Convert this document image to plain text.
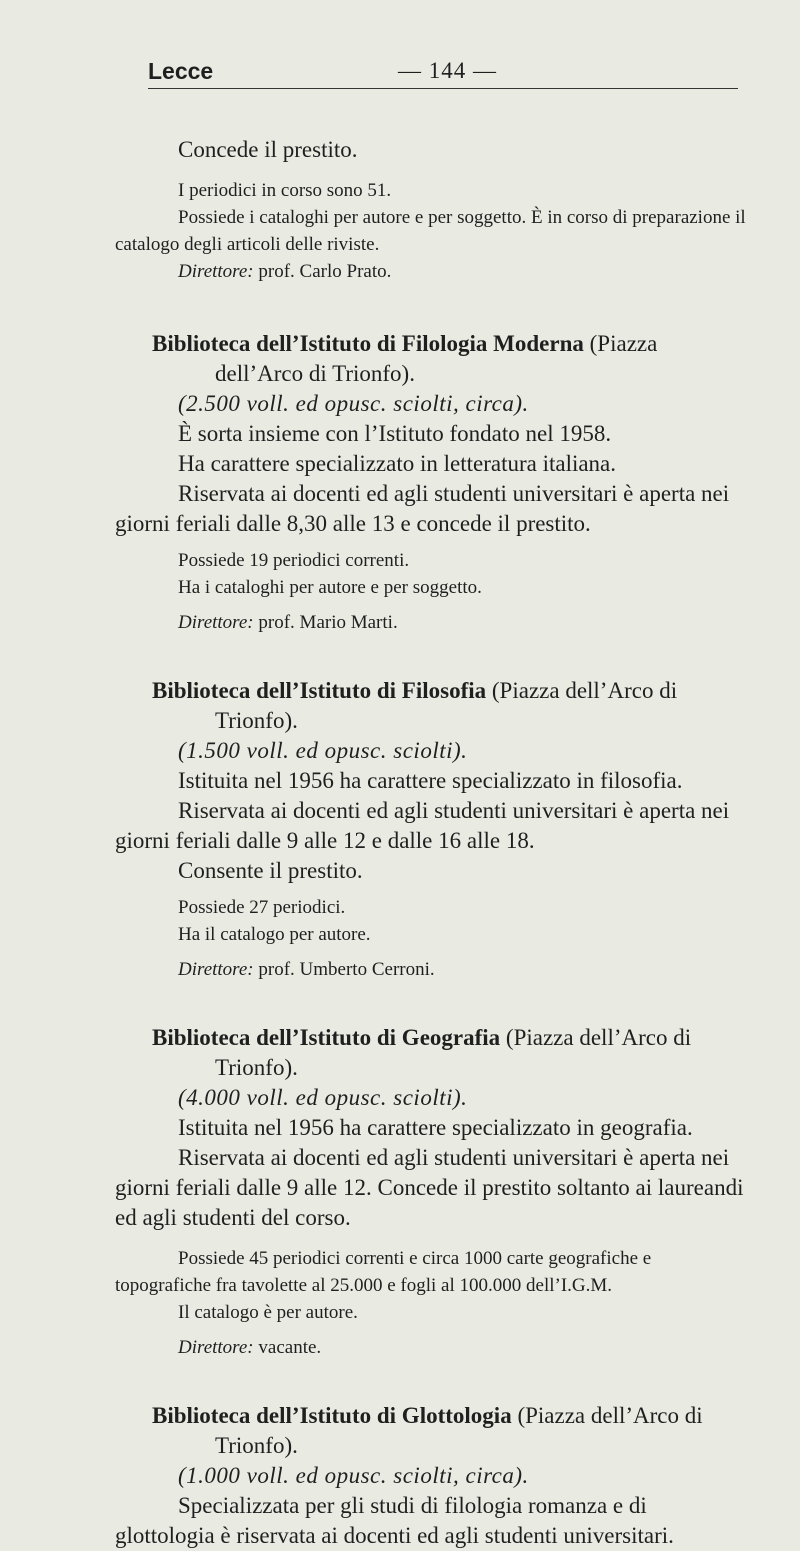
Lecce	— 144 —

Concede il prestito.

I periodici in corso sono 51.

Possiede i cataloghi per autore e per soggetto. È in corso di preparazione il catalogo degli articoli delle riviste.

Direttore: prof. Carlo Prato.

Biblioteca dell’Istituto di Filologia Moderna (Piazza dell’Arco di Trionfo).

(2.500 voll. ed opusc. sciolti, circa).

È sorta insieme con l’Istituto fondato nel 1958.

Ha carattere specializzato in letteratura italiana.

Riservata ai docenti ed agli studenti universitari è aperta nei giorni feriali dalle 8,30 alle 13 e concede il prestito.

Possiede 19 periodici correnti.

Ha i cataloghi per autore e per soggetto.

Direttore: prof. Mario Marti.

Biblioteca dell’Istituto di Filosofia (Piazza dell’Arco di Trionfo).

(1.500 voll. ed opusc. sciolti).

Istituita nel 1956 ha carattere specializzato in filosofia.

Riservata ai docenti ed agli studenti universitari è aperta nei giorni feriali dalle 9 alle 12 e dalle 16 alle 18.

Consente il prestito.

Possiede 27 periodici.

Ha il catalogo per autore.

Direttore: prof. Umberto Cerroni.

Biblioteca dell’Istituto di Geografia (Piazza dell’Arco di Trionfo).

(4.000 voll. ed opusc. sciolti).

Istituita nel 1956 ha carattere specializzato in geografia.

Riservata ai docenti ed agli studenti universitari è aperta nei giorni feriali dalle 9 alle 12. Concede il prestito soltanto ai laureandi ed agli studenti del corso.

Possiede 45 periodici correnti e circa 1000 carte geografiche e topografiche fra tavolette al 25.000 e fogli al 100.000 dell’I.G.M.

Il catalogo è per autore.

Direttore: vacante.

Biblioteca dell’Istituto di Glottologia (Piazza dell’Arco di Trionfo).

(1.000 voll. ed opusc. sciolti, circa).

Specializzata per gli studi di filologia romanza e di glottologia è riservata ai docenti ed agli studenti universitari.
